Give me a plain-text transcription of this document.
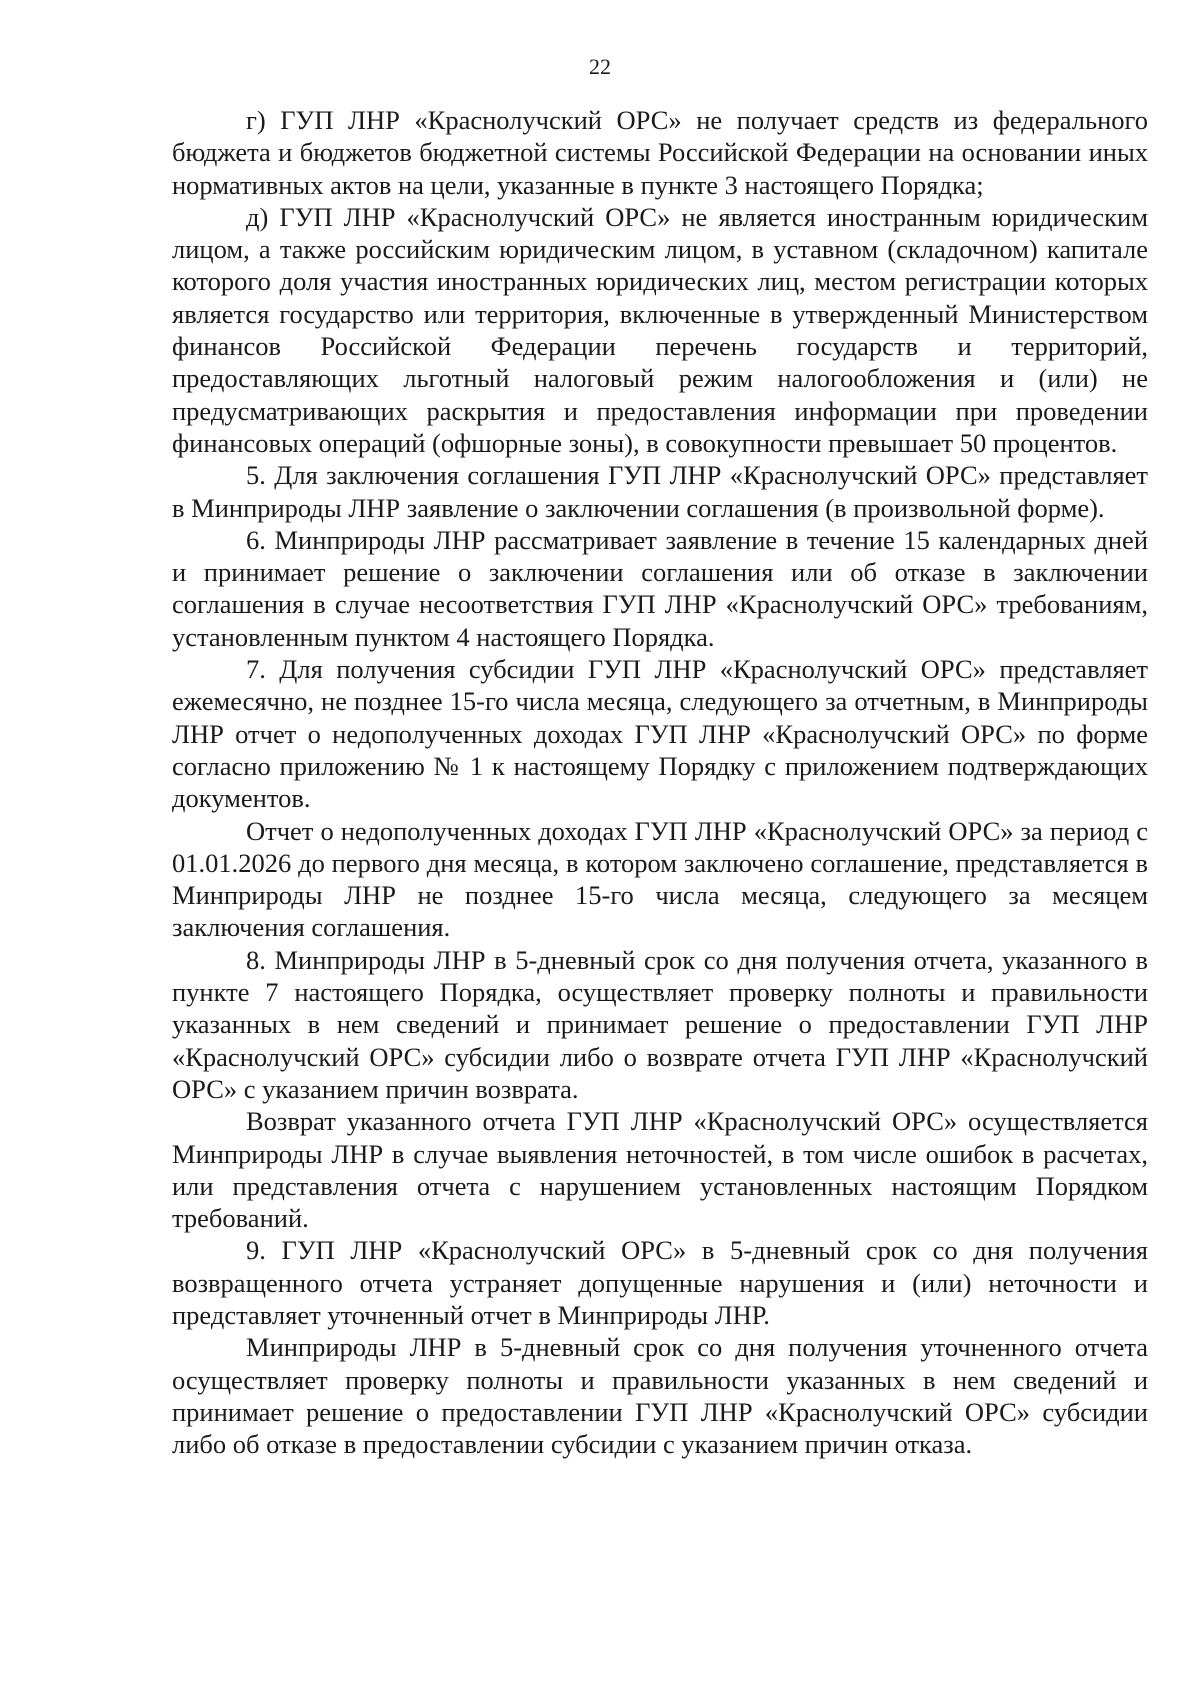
22

г) ГУП ЛНР «Краснолучский ОРС» не получает средств из федерального бюджета и бюджетов бюджетной системы Российской Федерации на основании иных нормативных актов на цели, указанные в пункте 3 настоящего Порядка;

д) ГУП ЛНР «Краснолучский ОРС» не является иностранным юридическим лицом, а также российским юридическим лицом, в уставном (складочном) капитале которого доля участия иностранных юридических лиц, местом регистрации которых является государство или территория, включенные в утвержденный Министерством финансов Российской Федерации перечень государств и территорий, предоставляющих льготный налоговый режим налогообложения и (или) не предусматривающих раскрытия и предоставления информации при проведении финансовых операций (офшорные зоны), в совокупности превышает 50 процентов.

5. Для заключения соглашения ГУП ЛНР «Краснолучский ОРС» представляет в Минприроды ЛНР заявление о заключении соглашения (в произвольной форме).

6. Минприроды ЛНР рассматривает заявление в течение 15 календарных дней и принимает решение о заключении соглашения или об отказе в заключении соглашения в случае несоответствия ГУП ЛНР «Краснолучский ОРС» требованиям, установленным пунктом 4 настоящего Порядка.

7. Для получения субсидии ГУП ЛНР «Краснолучский ОРС» представляет ежемесячно, не позднее 15-го числа месяца, следующего за отчетным, в Минприроды ЛНР отчет о недополученных доходах ГУП ЛНР «Краснолучский ОРС» по форме согласно приложению № 1 к настоящему Порядку с приложением подтверждающих документов.

Отчет о недополученных доходах ГУП ЛНР «Краснолучский ОРС» за период с 01.01.2026 до первого дня месяца, в котором заключено соглашение, представляется в Минприроды ЛНР не позднее 15-го числа месяца, следующего за месяцем заключения соглашения.

8. Минприроды ЛНР в 5-дневный срок со дня получения отчета, указанного в пункте 7 настоящего Порядка, осуществляет проверку полноты и правильности указанных в нем сведений и принимает решение о предоставлении ГУП ЛНР «Краснолучский ОРС» субсидии либо о возврате отчета ГУП ЛНР «Краснолучский ОРС» с указанием причин возврата.

Возврат указанного отчета ГУП ЛНР «Краснолучский ОРС» осуществляется Минприроды ЛНР в случае выявления неточностей, в том числе ошибок в расчетах, или представления отчета с нарушением установленных настоящим Порядком требований.

9. ГУП ЛНР «Краснолучский ОРС» в 5-дневный срок со дня получения возвращенного отчета устраняет допущенные нарушения и (или) неточности и представляет уточненный отчет в Минприроды ЛНР.

Минприроды ЛНР в 5-дневный срок со дня получения уточненного отчета осуществляет проверку полноты и правильности указанных в нем сведений и принимает решение о предоставлении ГУП ЛНР «Краснолучский ОРС» субсидии либо об отказе в предоставлении субсидии с указанием причин отказа.
